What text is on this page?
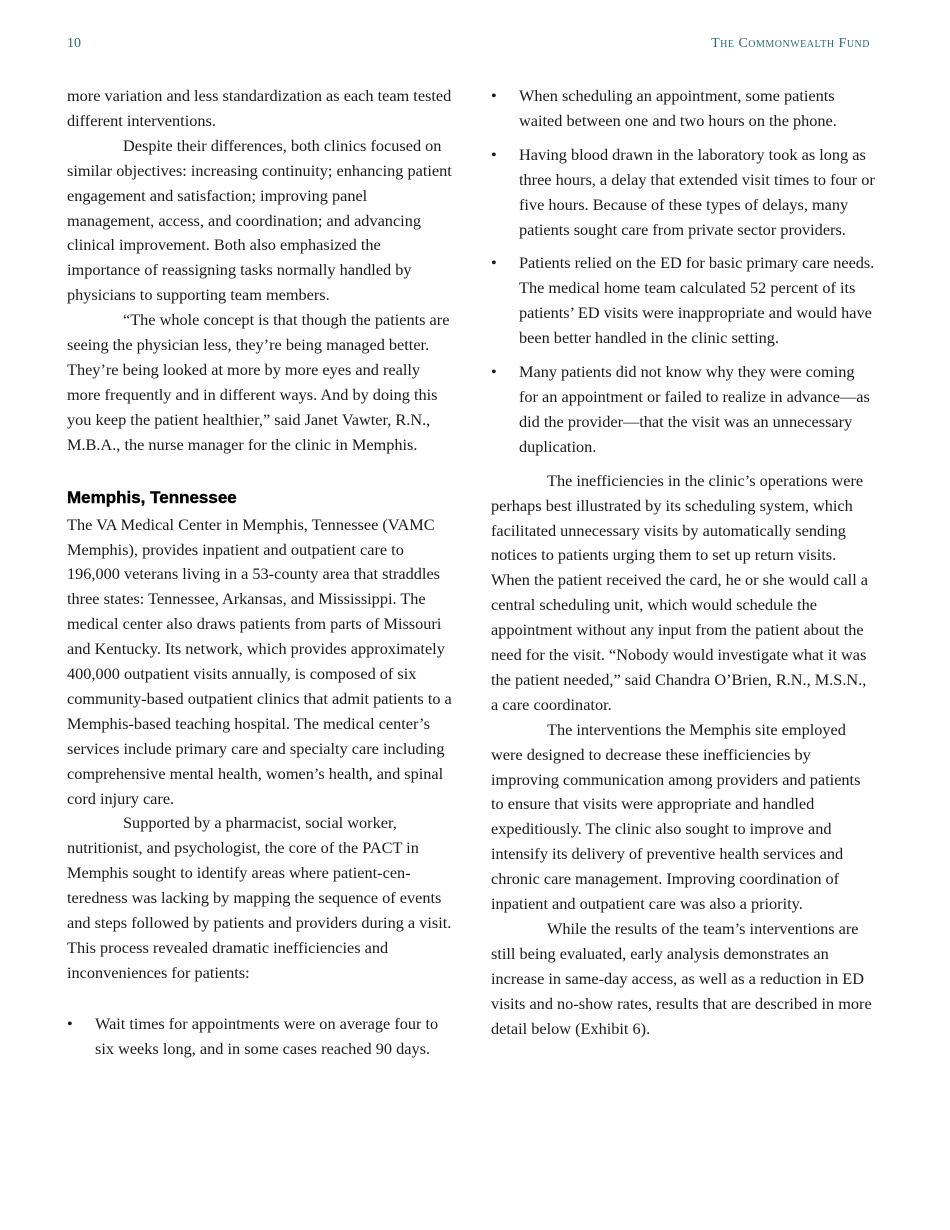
10	The Commonwealth Fund

more variation and less standardization as each team tested different interventions.

Despite their differences, both clinics focused on similar objectives: increasing continuity; enhancing patient engagement and satisfaction; improving panel management, access, and coordination; and advancing clinical improvement. Both also emphasized the importance of reassigning tasks normally handled by physicians to supporting team members.

“The whole concept is that though the patients are seeing the physician less, they’re being managed better. They’re being looked at more by more eyes and really more frequently and in different ways. And by doing this you keep the patient healthier,” said Janet Vawter, R.N., M.B.A., the nurse manager for the clinic in Memphis.

Memphis, Tennessee

The VA Medical Center in Memphis, Tennessee (VAMC Memphis), provides inpatient and outpatient care to 196,000 veterans living in a 53-county area that straddles three states: Tennessee, Arkansas, and Mississippi. The medical center also draws patients from parts of Missouri and Kentucky. Its network, which provides approximately 400,000 outpatient visits annually, is composed of six community-based outpatient clinics that admit patients to a Memphis-based teaching hospital. The medical center’s services include primary care and specialty care including comprehensive mental health, women’s health, and spinal cord injury care.

Supported by a pharmacist, social worker, nutritionist, and psychologist, the core of the PACT in Memphis sought to identify areas where patient-centeredness was lacking by mapping the sequence of events and steps followed by patients and providers during a visit. This process revealed dramatic inefficiencies and inconveniences for patients:

• Wait times for appointments were on average four to six weeks long, and in some cases reached 90 days.
• When scheduling an appointment, some patients waited between one and two hours on the phone.
• Having blood drawn in the laboratory took as long as three hours, a delay that extended visit times to four or five hours. Because of these types of delays, many patients sought care from private sector providers.
• Patients relied on the ED for basic primary care needs. The medical home team calculated 52 percent of its patients’ ED visits were inappropriate and would have been better handled in the clinic setting.
• Many patients did not know why they were coming for an appointment or failed to realize in advance—as did the provider—that the visit was an unnecessary duplication.

The inefficiencies in the clinic’s operations were perhaps best illustrated by its scheduling system, which facilitated unnecessary visits by automatically sending notices to patients urging them to set up return visits. When the patient received the card, he or she would call a central scheduling unit, which would schedule the appointment without any input from the patient about the need for the visit. “Nobody would investigate what it was the patient needed,” said Chandra O’Brien, R.N., M.S.N., a care coordinator.

The interventions the Memphis site employed were designed to decrease these inefficiencies by improving communication among providers and patients to ensure that visits were appropriate and handled expeditiously. The clinic also sought to improve and intensify its delivery of preventive health services and chronic care management. Improving coordination of inpatient and outpatient care was also a priority.

While the results of the team’s interventions are still being evaluated, early analysis demonstrates an increase in same-day access, as well as a reduction in ED visits and no-show rates, results that are described in more detail below (Exhibit 6).
